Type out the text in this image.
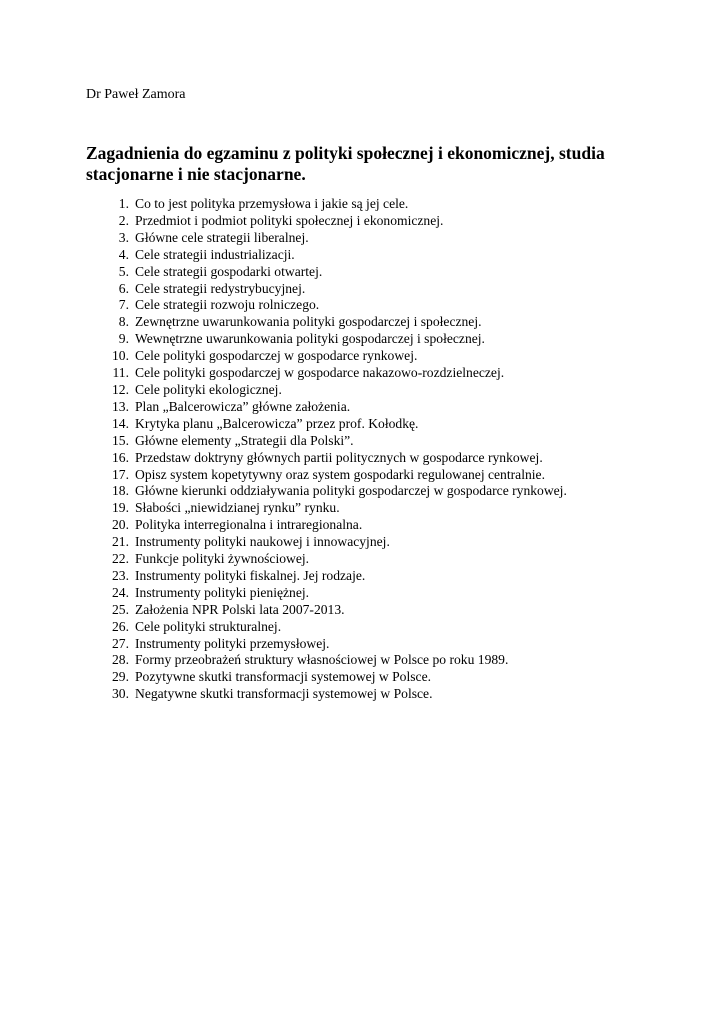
Dr Paweł Zamora
Zagadnienia do egzaminu z polityki społecznej i ekonomicznej, studia stacjonarne i nie stacjonarne.
1. Co to jest polityka przemysłowa i jakie są jej cele.
2. Przedmiot i podmiot polityki społecznej i ekonomicznej.
3. Główne cele strategii liberalnej.
4. Cele strategii industrializacji.
5. Cele strategii gospodarki otwartej.
6. Cele strategii redystrybucyjnej.
7. Cele strategii rozwoju rolniczego.
8. Zewnętrzne uwarunkowania polityki gospodarczej i społecznej.
9. Wewnętrzne uwarunkowania polityki gospodarczej i społecznej.
10. Cele polityki gospodarczej w gospodarce rynkowej.
11. Cele polityki gospodarczej w gospodarce nakazowo-rozdzielneczej.
12. Cele polityki ekologicznej.
13. Plan „Balcerowicza” główne założenia.
14. Krytyka planu „Balcerowicza” przez prof. Kołodkę.
15. Główne elementy „Strategii dla Polski”.
16. Przedstaw doktryny głównych partii politycznych w gospodarce rynkowej.
17. Opisz system kopetytywny oraz system gospodarki regulowanej centralnie.
18. Główne kierunki oddziaływania polityki gospodarczej w gospodarce rynkowej.
19. Słabości „niewidzianej rynku” rynku.
20. Polityka interregionalna i intraregionalna.
21. Instrumenty polityki naukowej i innowacyjnej.
22. Funkcje polityki żywnościowej.
23. Instrumenty polityki fiskalnej. Jej rodzaje.
24. Instrumenty polityki pieniężnej.
25. Założenia NPR Polski lata 2007-2013.
26. Cele polityki strukturalnej.
27. Instrumenty polityki przemysłowej.
28. Formy przeobrażeń struktury własnościowej w Polsce po roku 1989.
29. Pozytywne skutki transformacji systemowej w Polsce.
30. Negatywne skutki transformacji systemowej w Polsce.
